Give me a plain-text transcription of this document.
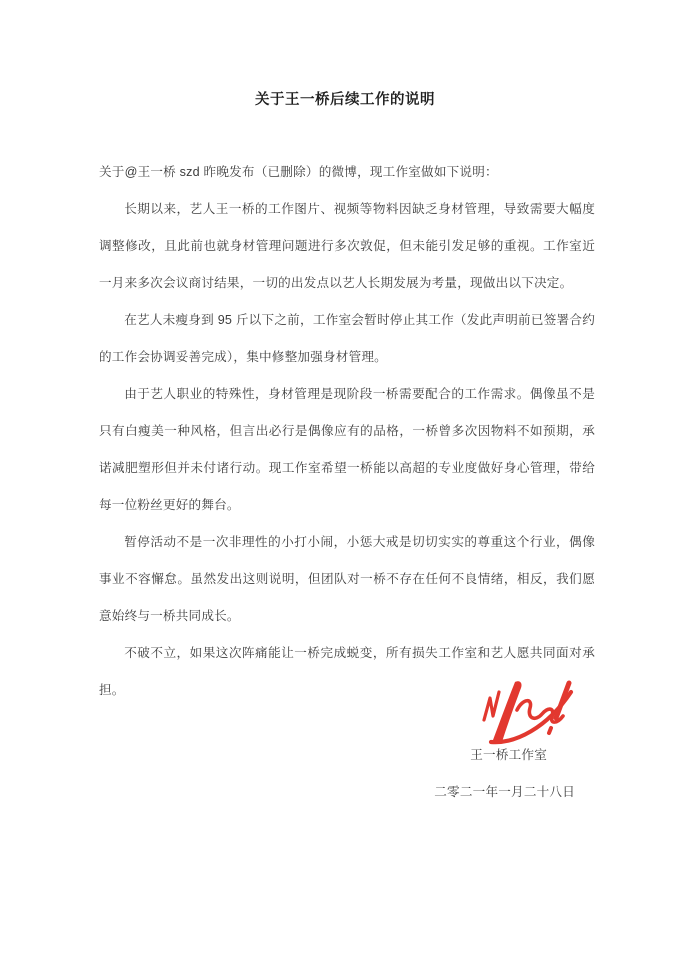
关于王一桥后续工作的说明

关于@王一桥 szd 昨晚发布（已删除）的微博，现工作室做如下说明：

长期以来，艺人王一桥的工作图片、视频等物料因缺乏身材管理，导致需要大幅度调整修改，且此前也就身材管理问题进行多次敦促，但未能引发足够的重视。工作室近一月来多次会议商讨结果，一切的出发点以艺人长期发展为考量，现做出以下决定。

在艺人未瘦身到 95 斤以下之前，工作室会暂时停止其工作（发此声明前已签署合约的工作会协调妥善完成），集中修整加强身材管理。

由于艺人职业的特殊性，身材管理是现阶段一桥需要配合的工作需求。偶像虽不是只有白瘦美一种风格，但言出必行是偶像应有的品格，一桥曾多次因物料不如预期，承诺减肥塑形但并未付诸行动。现工作室希望一桥能以高超的专业度做好身心管理，带给每一位粉丝更好的舞台。

暂停活动不是一次非理性的小打小闹，小惩大戒是切切实实的尊重这个行业，偶像事业不容懈怠。虽然发出这则说明，但团队对一桥不存在任何不良情绪，相反，我们愿意始终与一桥共同成长。

不破不立，如果这次阵痛能让一桥完成蜕变，所有损失工作室和艺人愿共同面对承担。

王一桥工作室
二零二一年一月二十八日
